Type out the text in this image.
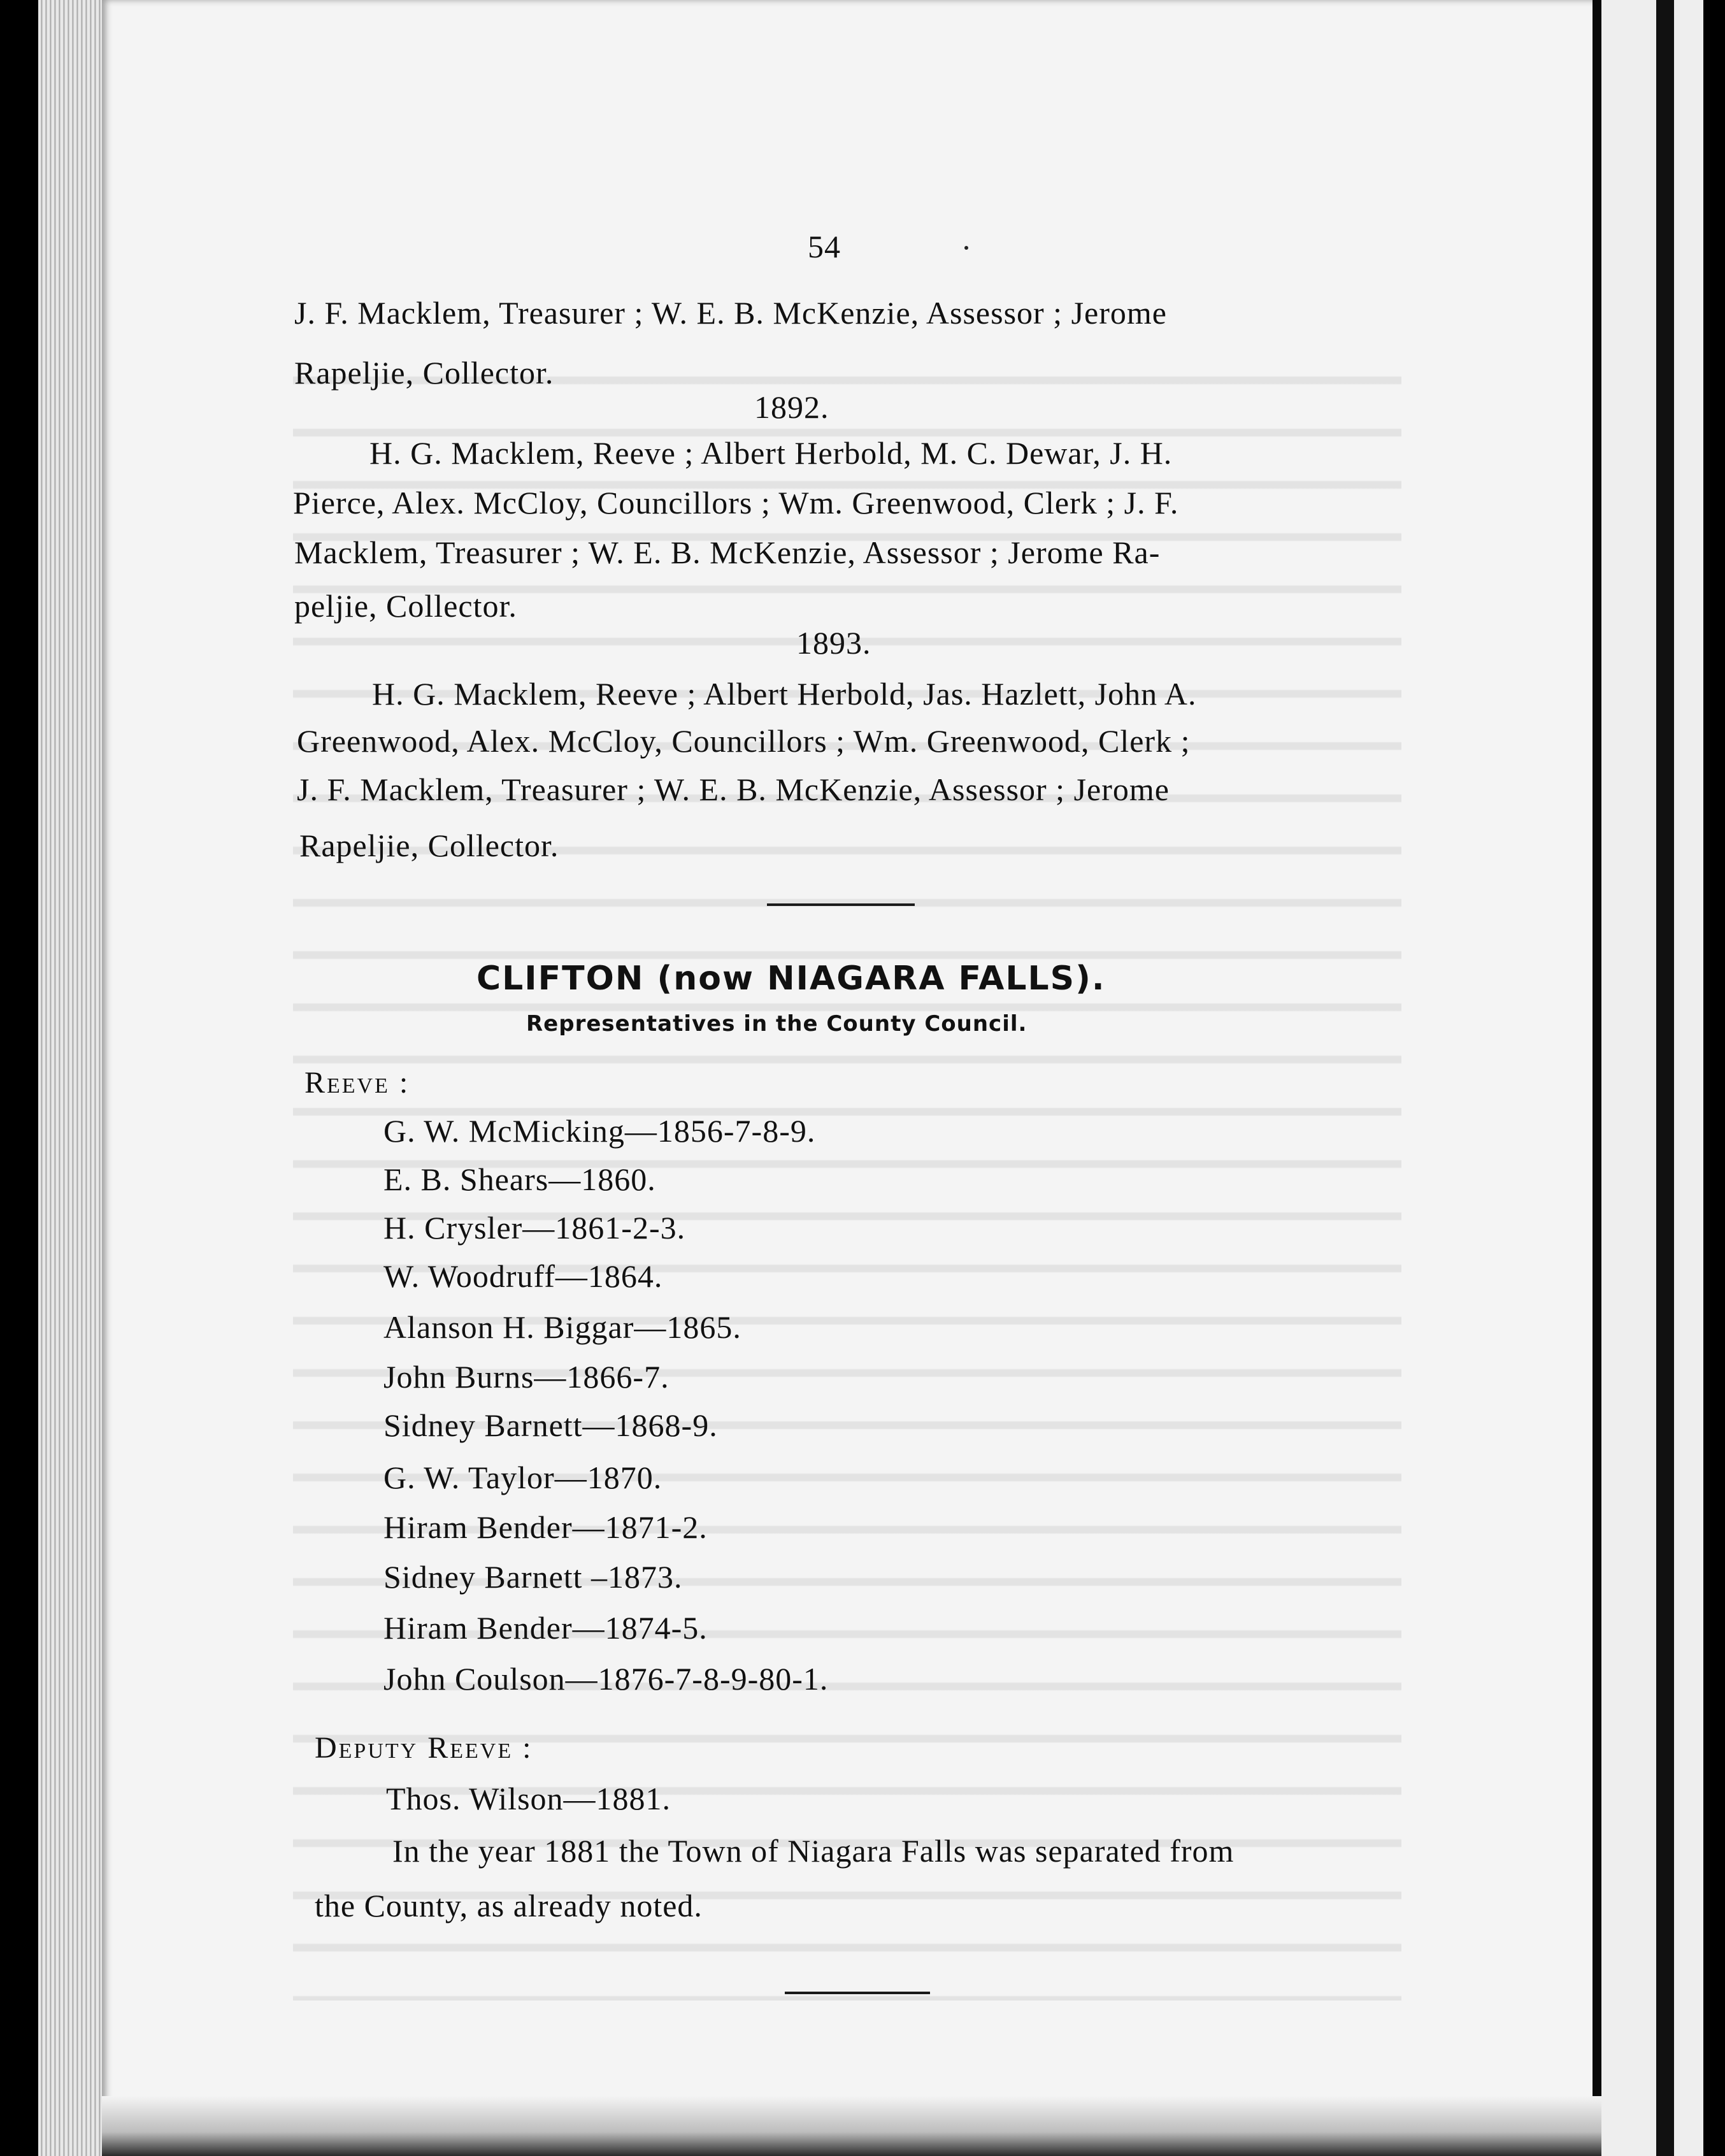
54
J. F. Macklem, Treasurer ; W. E. B. McKenzie, Assessor ; Jerome
Rapeljie, Collector.
1892.
H. G. Macklem, Reeve ; Albert Herbold, M. C. Dewar, J. H.
Pierce, Alex. McCloy, Councillors ; Wm. Greenwood, Clerk ; J. F.
Macklem, Treasurer ; W. E. B. McKenzie, Assessor ; Jerome Ra-
peljie, Collector.
1893.
H. G. Macklem, Reeve ; Albert Herbold, Jas. Hazlett, John A.
Greenwood, Alex. McCloy, Councillors ; Wm. Greenwood, Clerk ;
J. F. Macklem, Treasurer ; W. E. B. McKenzie, Assessor ; Jerome
Rapeljie, Collector.
CLIFTON (now NIAGARA FALLS).
Representatives in the County Council.
Reeve :
G. W. McMicking—1856-7-8-9.
E. B. Shears—1860.
H. Crysler—1861-2-3.
W. Woodruff—1864.
Alanson H. Biggar—1865.
John Burns—1866-7.
Sidney Barnett—1868-9.
G. W. Taylor—1870.
Hiram Bender—1871-2.
Sidney Barnett –1873.
Hiram Bender—1874-5.
John Coulson—1876-7-8-9-80-1.
Deputy Reeve :
Thos. Wilson—1881.
In the year 1881 the Town of Niagara Falls was separated from
the County, as already noted.
